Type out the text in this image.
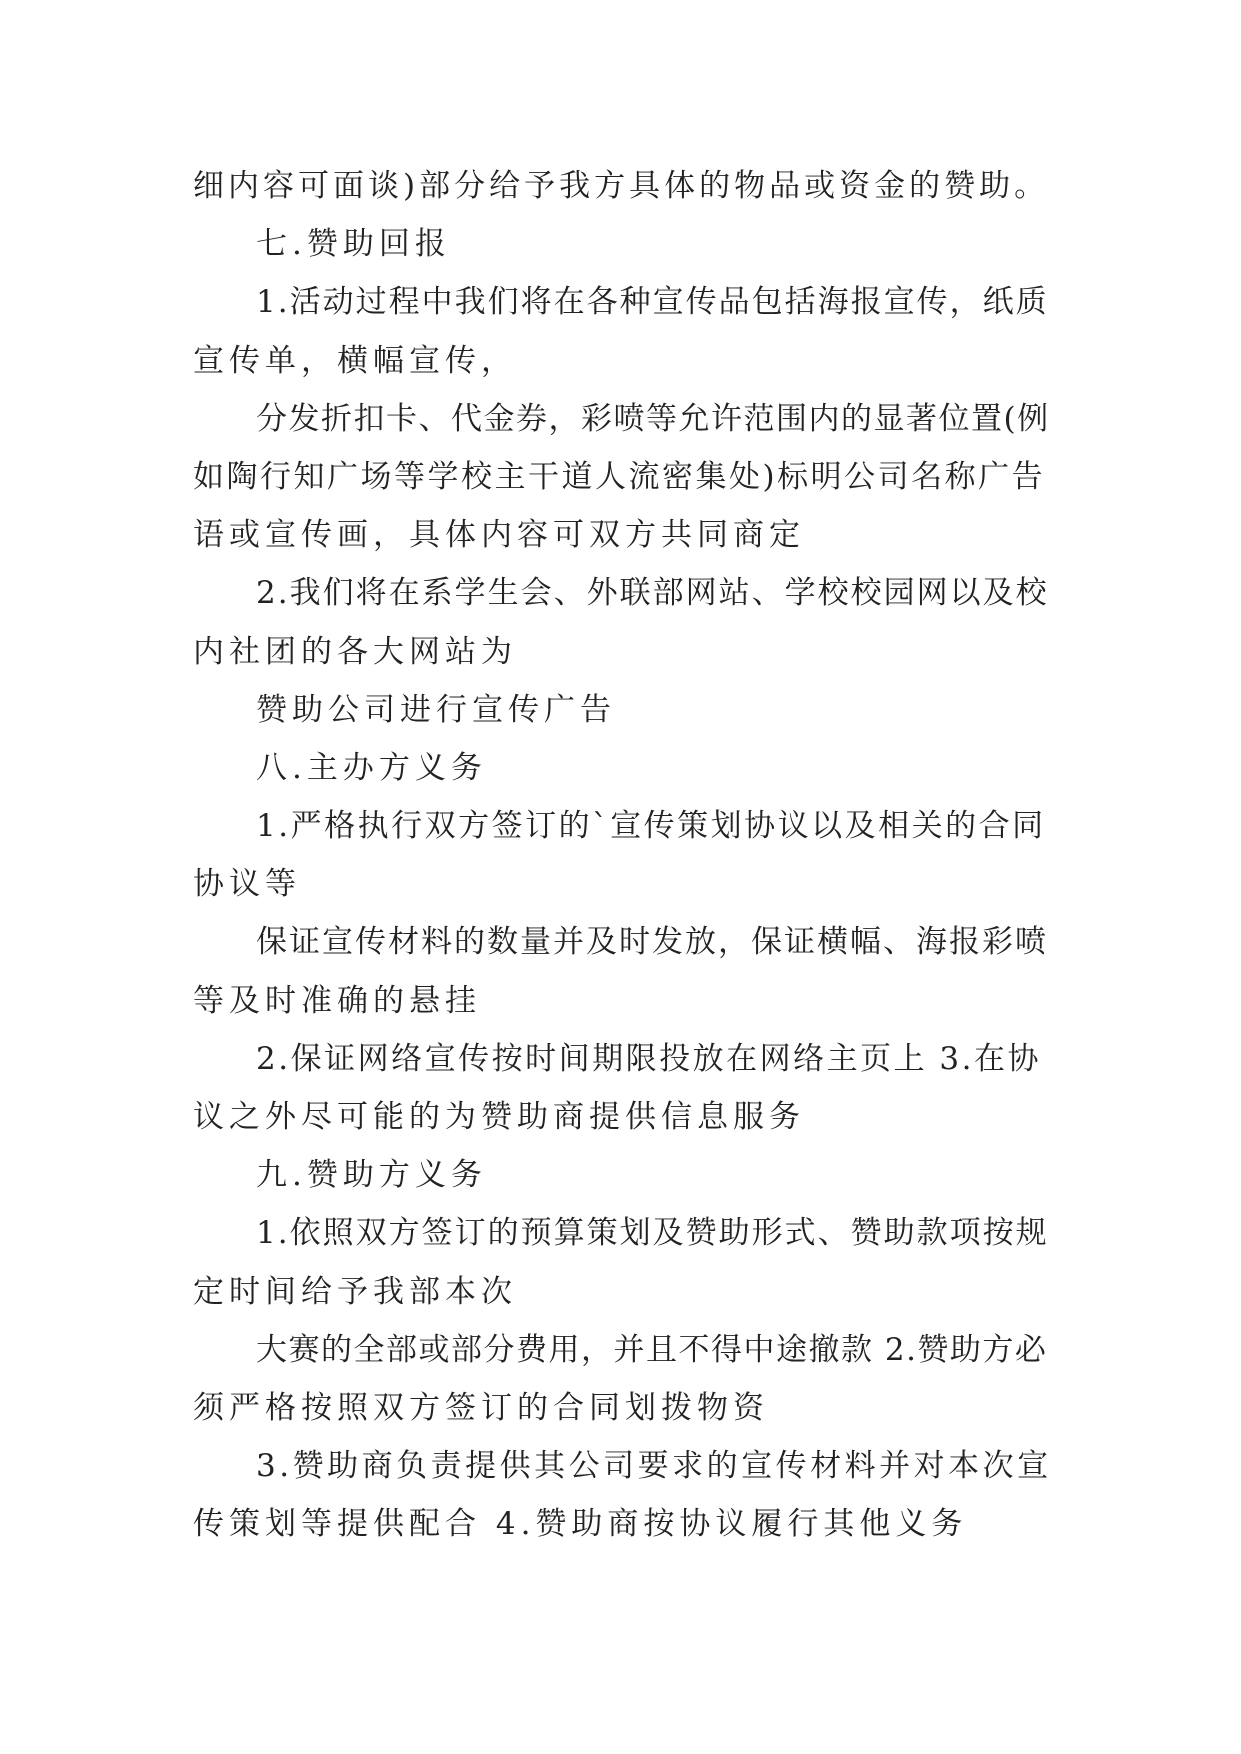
细内容可面谈)部分给予我方具体的物品或资金的赞助。
七.赞助回报
1.活动过程中我们将在各种宣传品包括海报宣传，纸质
宣传单，横幅宣传，
分发折扣卡、代金券，彩喷等允许范围内的显著位置(例
如陶行知广场等学校主干道人流密集处)标明公司名称广告
语或宣传画，具体内容可双方共同商定
2.我们将在系学生会、外联部网站、学校校园网以及校
内社团的各大网站为
赞助公司进行宣传广告
八.主办方义务
1.严格执行双方签订的`宣传策划协议以及相关的合同
协议等
保证宣传材料的数量并及时发放，保证横幅、海报彩喷
等及时准确的悬挂
2.保证网络宣传按时间期限投放在网络主页上 3.在协
议之外尽可能的为赞助商提供信息服务
九.赞助方义务
1.依照双方签订的预算策划及赞助形式、赞助款项按规
定时间给予我部本次
大赛的全部或部分费用，并且不得中途撤款 2.赞助方必
须严格按照双方签订的合同划拨物资
3.赞助商负责提供其公司要求的宣传材料并对本次宣
传策划等提供配合 4.赞助商按协议履行其他义务
